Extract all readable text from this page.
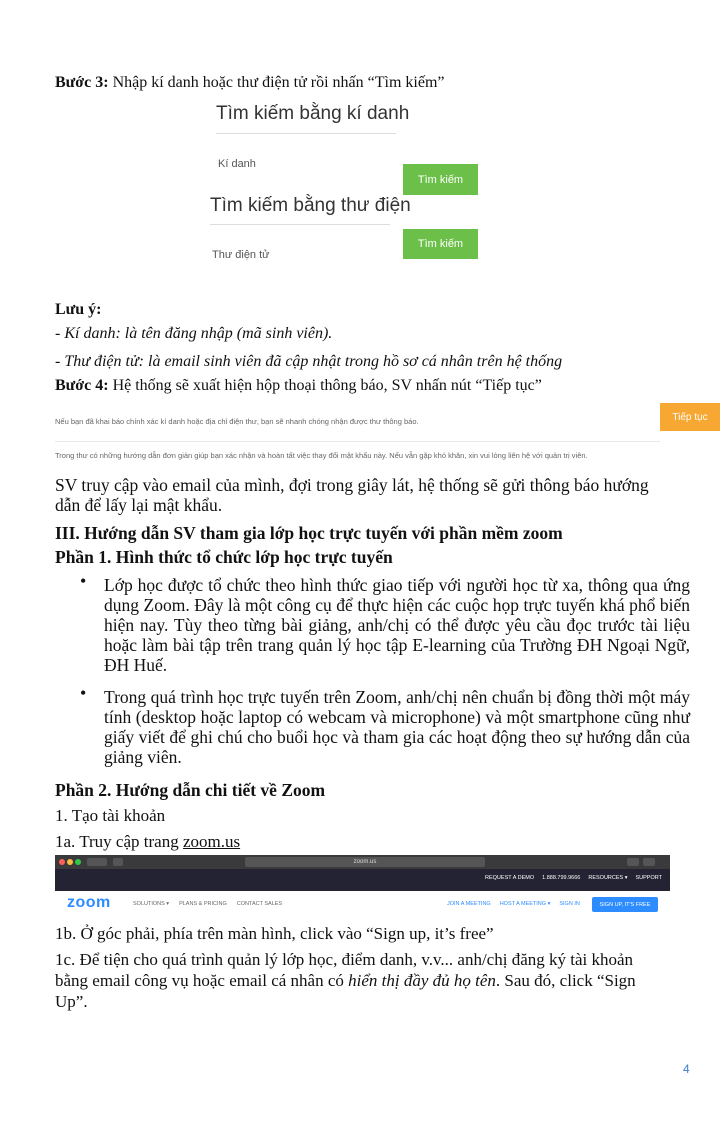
Bước 3: Nhập kí danh hoặc thư điện tử rồi nhấn “Tìm kiếm”
Tìm kiếm bằng kí danh
Kí danh
Tìm kiếm
Tìm kiếm bằng thư điện
Thư điện tử
Tìm kiếm
Lưu ý:
- Kí danh: là tên đăng nhập (mã sinh viên).
- Thư điện tử: là email sinh viên đã cập nhật trong hồ sơ cá nhân trên hệ thống
Bước 4: Hệ thống sẽ xuất hiện hộp thoại thông báo, SV nhấn nút “Tiếp tục”
Nếu bạn đã khai báo chính xác kí danh hoặc địa chỉ điện thư, bạn sẽ nhanh chóng nhận được thư thông báo.	Tiếp tục
Trong thư có những hướng dẫn đơn giản giúp bạn xác nhận và hoàn tất việc thay đổi mật khẩu này. Nếu vẫn gặp khó khăn, xin vui lòng liên hệ với quản trị viên.
SV truy cập vào email của mình, đợi trong giây lát, hệ thống sẽ gửi thông báo hướng
dẫn để lấy lại mật khẩu.
III. Hướng dẫn SV tham gia lớp học trực tuyến với phần mềm zoom
Phần 1. Hình thức tổ chức lớp học trực tuyến
• Lớp học được tổ chức theo hình thức giao tiếp với người học từ xa, thông qua ứng dụng Zoom. Đây là một công cụ để thực hiện các cuộc họp trực tuyến khá phổ biến hiện nay. Tùy theo từng bài giảng, anh/chị có thể được yêu cầu đọc trước tài liệu hoặc làm bài tập trên trang quản lý học tập E-learning của Trường ĐH Ngoại Ngữ, ĐH Huế.
• Trong quá trình học trực tuyến trên Zoom, anh/chị nên chuẩn bị đồng thời một máy tính (desktop hoặc laptop có webcam và microphone) và một smartphone cũng như giấy viết để ghi chú cho buổi học và tham gia các hoạt động theo sự hướng dẫn của giảng viên.
Phần 2. Hướng dẫn chi tiết về Zoom
1. Tạo tài khoản
1a. Truy cập trang zoom.us
zoom.us
REQUEST A DEMO 1.888.799.9666 RESOURCES ▾ SUPPORT
zoom	SOLUTIONS ▾ PLANS & PRICING CONTACT SALES	JOIN A MEETING HOST A MEETING ▾ SIGN IN	SIGN UP, IT'S FREE
1b. Ở góc phải, phía trên màn hình, click vào “Sign up, it’s free”
1c. Để tiện cho quá trình quản lý lớp học, điểm danh, v.v... anh/chị đăng ký tài khoản
bằng email công vụ hoặc email cá nhân có hiển thị đầy đủ họ tên. Sau đó, click “Sign
Up”.
4
